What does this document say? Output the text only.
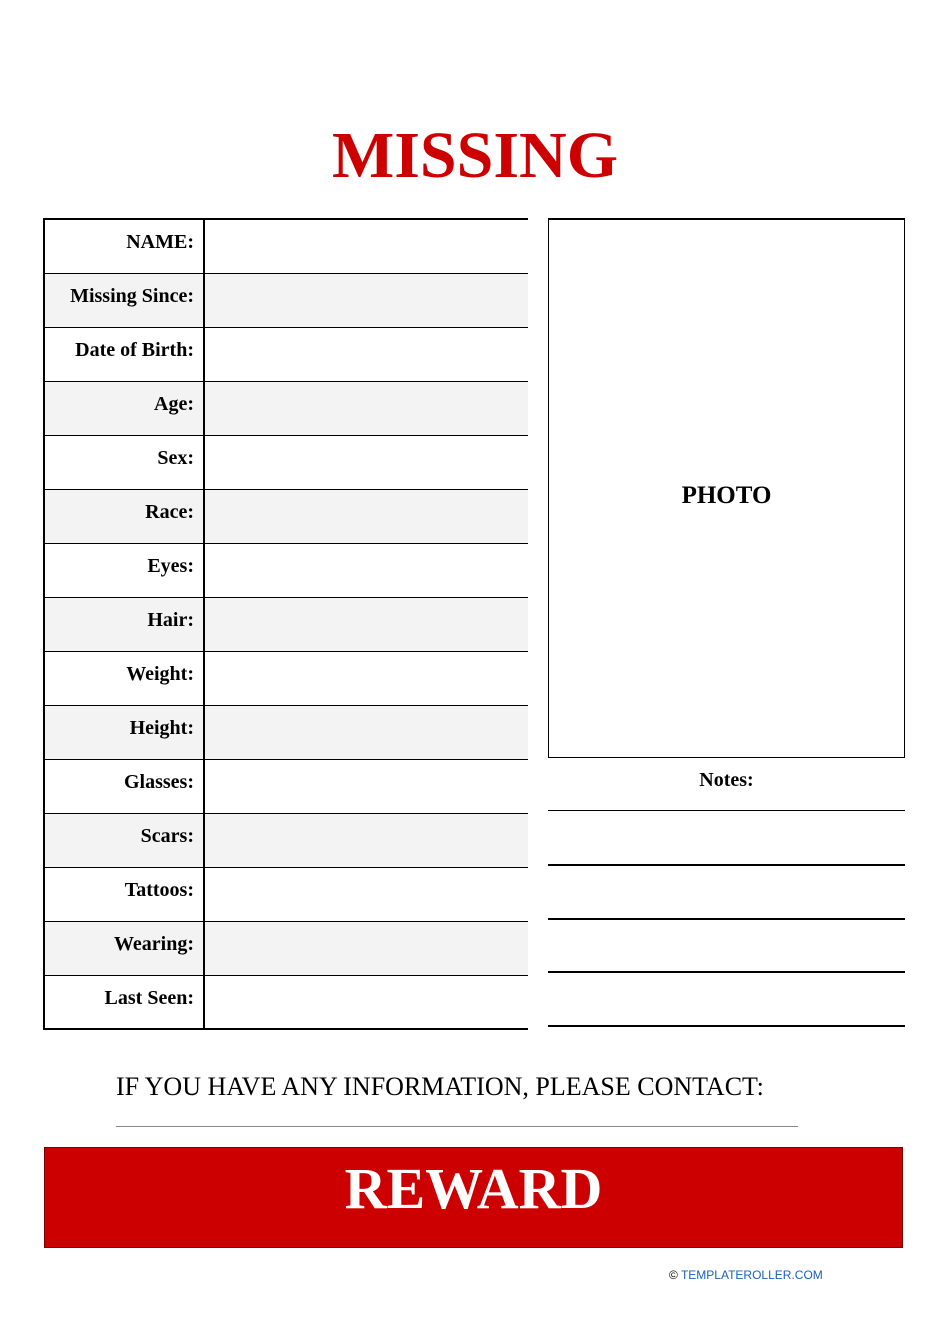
MISSING
NAME:
Missing Since:
Date of Birth:
Age:
Sex:
Race:
Eyes:
Hair:
Weight:
Height:
Glasses:
Scars:
Tattoos:
Wearing:
Last Seen:
PHOTO
Notes:
IF YOU HAVE ANY INFORMATION, PLEASE CONTACT:
REWARD
© TEMPLATEROLLER.COM
